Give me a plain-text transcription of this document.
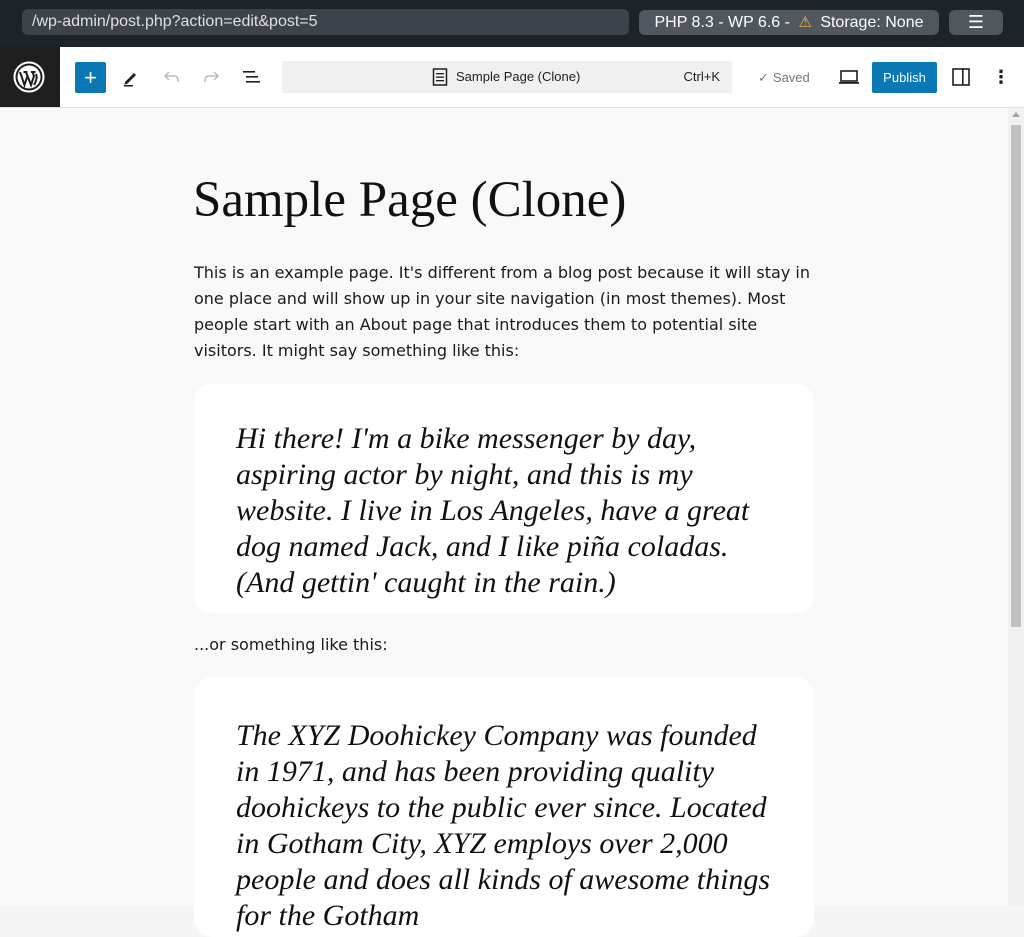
/wp-admin/post.php?action=edit&post=5	PHP 8.3 - WP 6.6 - ⚠ Storage: None	☰
+	Sample Page (Clone)	Ctrl+K	✓ Saved	Publish	⋮
Sample Page (Clone)

This is an example page. It's different from a blog post because it will stay in one place and will show up in your site navigation (in most themes). Most people start with an About page that introduces them to potential site visitors. It might say something like this:

Hi there! I'm a bike messenger by day, aspiring actor by night, and this is my website. I live in Los Angeles, have a great dog named Jack, and I like piña coladas. (And gettin' caught in the rain.)

...or something like this:

The XYZ Doohickey Company was founded in 1971, and has been providing quality doohickeys to the public ever since. Located in Gotham City, XYZ employs over 2,000 people and does all kinds of awesome things for the Gotham
